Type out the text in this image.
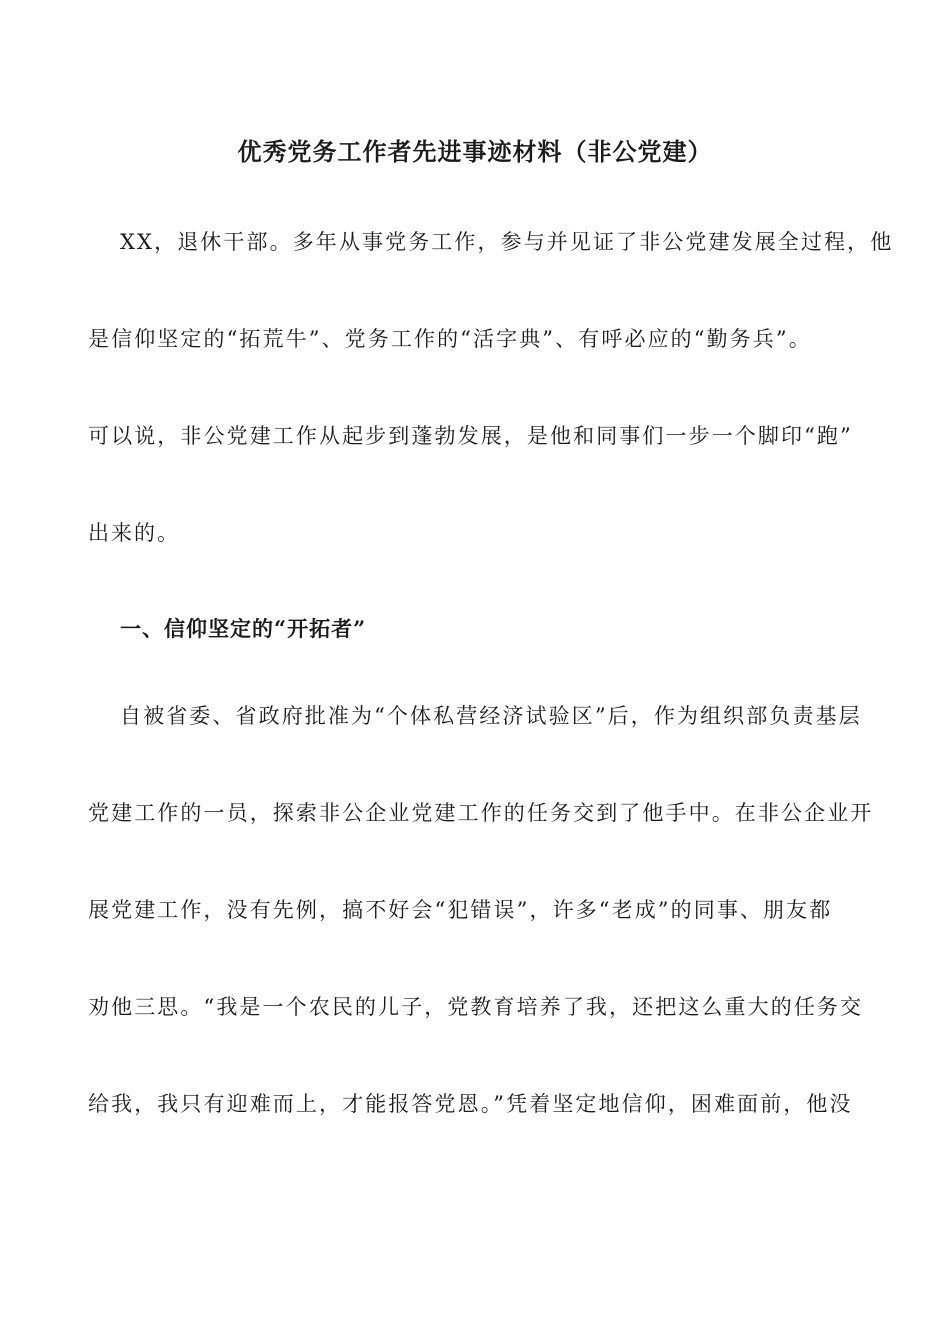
优秀党务工作者先进事迹材料（非公党建）
XX，退休干部。多年从事党务工作，参与并见证了非公党建发展全过程，他
是信仰坚定的“拓荒牛”、党务工作的“活字典”、有呼必应的“勤务兵”。
可以说，非公党建工作从起步到蓬勃发展，是他和同事们一步一个脚印“跑”
出来的。
一、信仰坚定的“开拓者”
自被省委、省政府批准为“个体私营经济试验区”后，作为组织部负责基层
党建工作的一员，探索非公企业党建工作的任务交到了他手中。在非公企业开
展党建工作，没有先例，搞不好会“犯错误”，许多“老成”的同事、朋友都
劝他三思。“我是一个农民的儿子，党教育培养了我，还把这么重大的任务交
给我，我只有迎难而上，才能报答党恩。”凭着坚定地信仰，困难面前，他没
